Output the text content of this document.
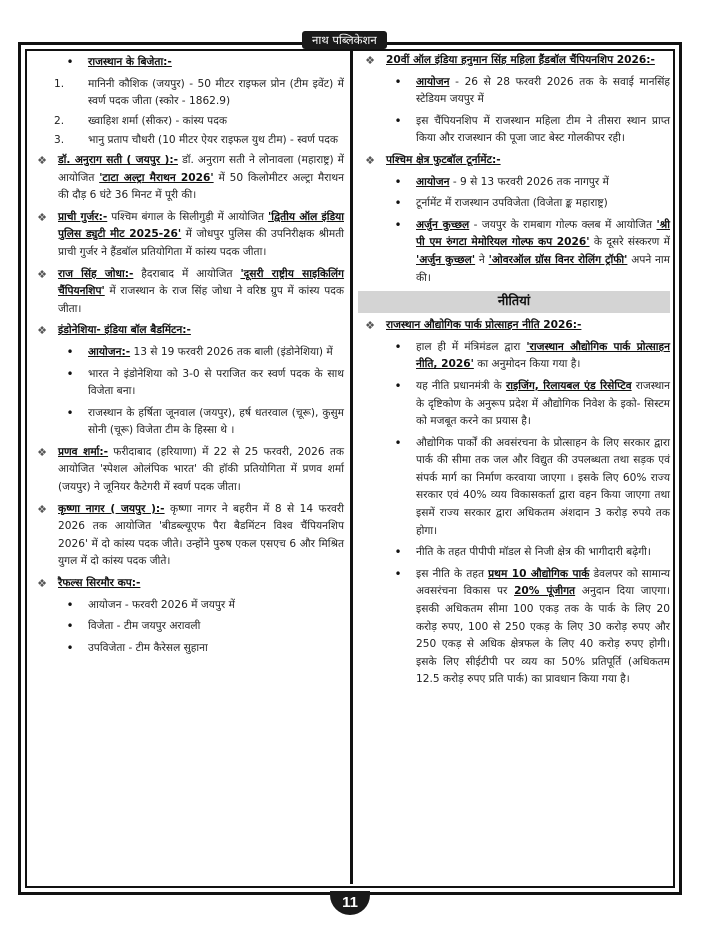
नाथ पब्लिकेशन
11
•	राजस्थान के बिजेता:-
1.	मानिनी कौशिक (जयपुर) - 50 मीटर राइफल प्रोन (टीम इवेंट) में स्वर्ण पदक जीता (स्कोर - 1862.9)
2.	ख्वाहिश शर्मा (सीकर) - कांस्य पदक
3.	भानु प्रताप चौधरी (10 मीटर ऐयर राइफल युथ टीम) - स्वर्ण पदक
❖	डॉ. अनुराग सती ( जयपुर ):- डॉ. अनुराग सती ने लोनावला (महाराष्ट्र) में आयोजित 'टाटा अल्ट्रा मैराथन 2026' में 50 किलोमीटर अल्ट्रा मैराथन की दौड़ 6 घंटे 36 मिनट में पूरी की।
❖	प्राची गुर्जर:- पश्चिम बंगाल के सिलीगुड़ी में आयोजित 'द्वितीय ऑल इंडिया पुलिस ड्युटी मीट 2025-26' में जोधपुर पुलिस की उपनिरीक्षक श्रीमती प्राची गुर्जर ने हैंडबॉल प्रतियोगिता में कांस्य पदक जीता।
❖	राज सिंह जोधा:- हैदराबाद में आयोजित 'दूसरी राष्ट्रीय साइकिलिंग चैंपियनशिप' में राजस्थान के राज सिंह जोधा ने वरिष्ठ ग्रुप में कांस्य पदक जीता।
❖	इंडोनेशिया- इंडिया बॉल बैडमिंटन:-
•	आयोजन:- 13 से 19 फरवरी 2026 तक बाली (इंडोनेशिया) में
•	भारत ने इंडोनेशिया को 3-0 से पराजित कर स्वर्ण पदक के साथ विजेता बना।
•	राजस्थान के हर्षिता जूनवाल (जयपुर), हर्ष धतरवाल (चूरू), कुसुम सोनी (चूरू) विजेता टीम के हिस्सा थे ।
❖	प्रणव शर्मा:- फरीदाबाद (हरियाणा) में 22 से 25 फरवरी, 2026 तक आयोजित 'स्पेशल ओलंपिक भारत' की हॉकी प्रतियोगिता में प्रणव शर्मा (जयपुर) ने जूनियर कैटेगरी में स्वर्ण पदक जीता।
❖	कृष्णा नागर ( जयपुर ):- कृष्णा नागर ने बहरीन में 8 से 14 फरवरी 2026 तक आयोजित 'बीडब्ल्यूएफ पैरा बैडमिंटन विश्व चैंपियनशिप 2026' में दो कांस्य पदक जीते। उन्होंने पुरुष एकल एसएच 6 और मिश्रित युगल में दो कांस्य पदक जीते।
❖	रैफल्स सिरमौर कप:-
•	आयोजन - फरवरी 2026 में जयपुर में
•	विजेता - टीम जयपुर अरावली
•	उपविजेता - टीम कैरेसल सुहाना
❖	20वीं ऑल इंडिया हनुमान सिंह महिला हैंडबॉल चैंपियनशिप 2026:-
•	आयोजन - 26 से 28 फरवरी 2026 तक के सवाई मानसिंह स्टेडियम जयपुर में
•	इस चैंपियनशिप में राजस्थान महिला टीम ने तीसरा स्थान प्राप्त किया और राजस्थान की पूजा जाट बेस्ट गोलकीपर रही।
❖	पश्चिम क्षेत्र फुटबॉल टूर्नामेंट:-
•	आयोजन - 9 से 13 फरवरी 2026 तक नागपुर में
•	टूर्नामेंट में राजस्थान उपविजेता (विजेता ङ्क महाराष्ट्र)
•	अर्जुन कुच्छल - जयपुर के रामबाग गोल्फ क्लब में आयोजित 'श्री पी एम रुंगटा मेमोरियल गोल्फ कप 2026' के दूसरे संस्करण में 'अर्जुन कुच्छल' ने 'ओवरऑल ग्रॉस विनर रोलिंग ट्रॉफी' अपने नाम की।
नीतियां
❖	राजस्थान औद्योगिक पार्क प्रोत्साहन नीति 2026:-
•	हाल ही में मंत्रिमंडल द्वारा 'राजस्थान औद्योगिक पार्क प्रोत्साहन नीति, 2026' का अनुमोदन किया गया है।
•	यह नीति प्रधानमंत्री के राइजिंग, रिलायबल एंड रिसेप्टिव राजस्थान के दृष्टिकोण के अनुरूप प्रदेश में औद्योगिक निवेश के इको- सिस्टम को मजबूत करने का प्रयास है।
•	औद्योगिक पार्कों की अवसंरचना के प्रोत्साहन के लिए सरकार द्वारा पार्क की सीमा तक जल और विद्युत की उपलब्धता तथा सड़क एवं संपर्क मार्ग का निर्माण करवाया जाएगा । इसके लिए 60% राज्य सरकार एवं 40% व्यय विकासकर्ता द्वारा वहन किया जाएगा तथा इसमें राज्य सरकार द्वारा अधिकतम अंशदान 3 करोड़ रुपये तक होगा।
•	नीति के तहत पीपीपी मॉडल से निजी क्षेत्र की भागीदारी बढ़ेगी।
•	इस नीति के तहत प्रथम 10 औद्योगिक पार्क डेवलपर को सामान्य अवसरंचना विकास पर 20% पूंजीगत अनुदान दिया जाएगा। इसकी अधिकतम सीमा 100 एकड़ तक के पार्क के लिए 20 करोड़ रुपए, 100 से 250 एकड़ के लिए 30 करोड़ रुपए और 250 एकड़ से अधिक क्षेत्रफल के लिए 40 करोड़ रुपए होगी। इसके लिए सीईटीपी पर व्यय का 50% प्रतिपूर्ति (अधिकतम 12.5 करोड़ रुपए प्रति पार्क) का प्रावधान किया गया है।
